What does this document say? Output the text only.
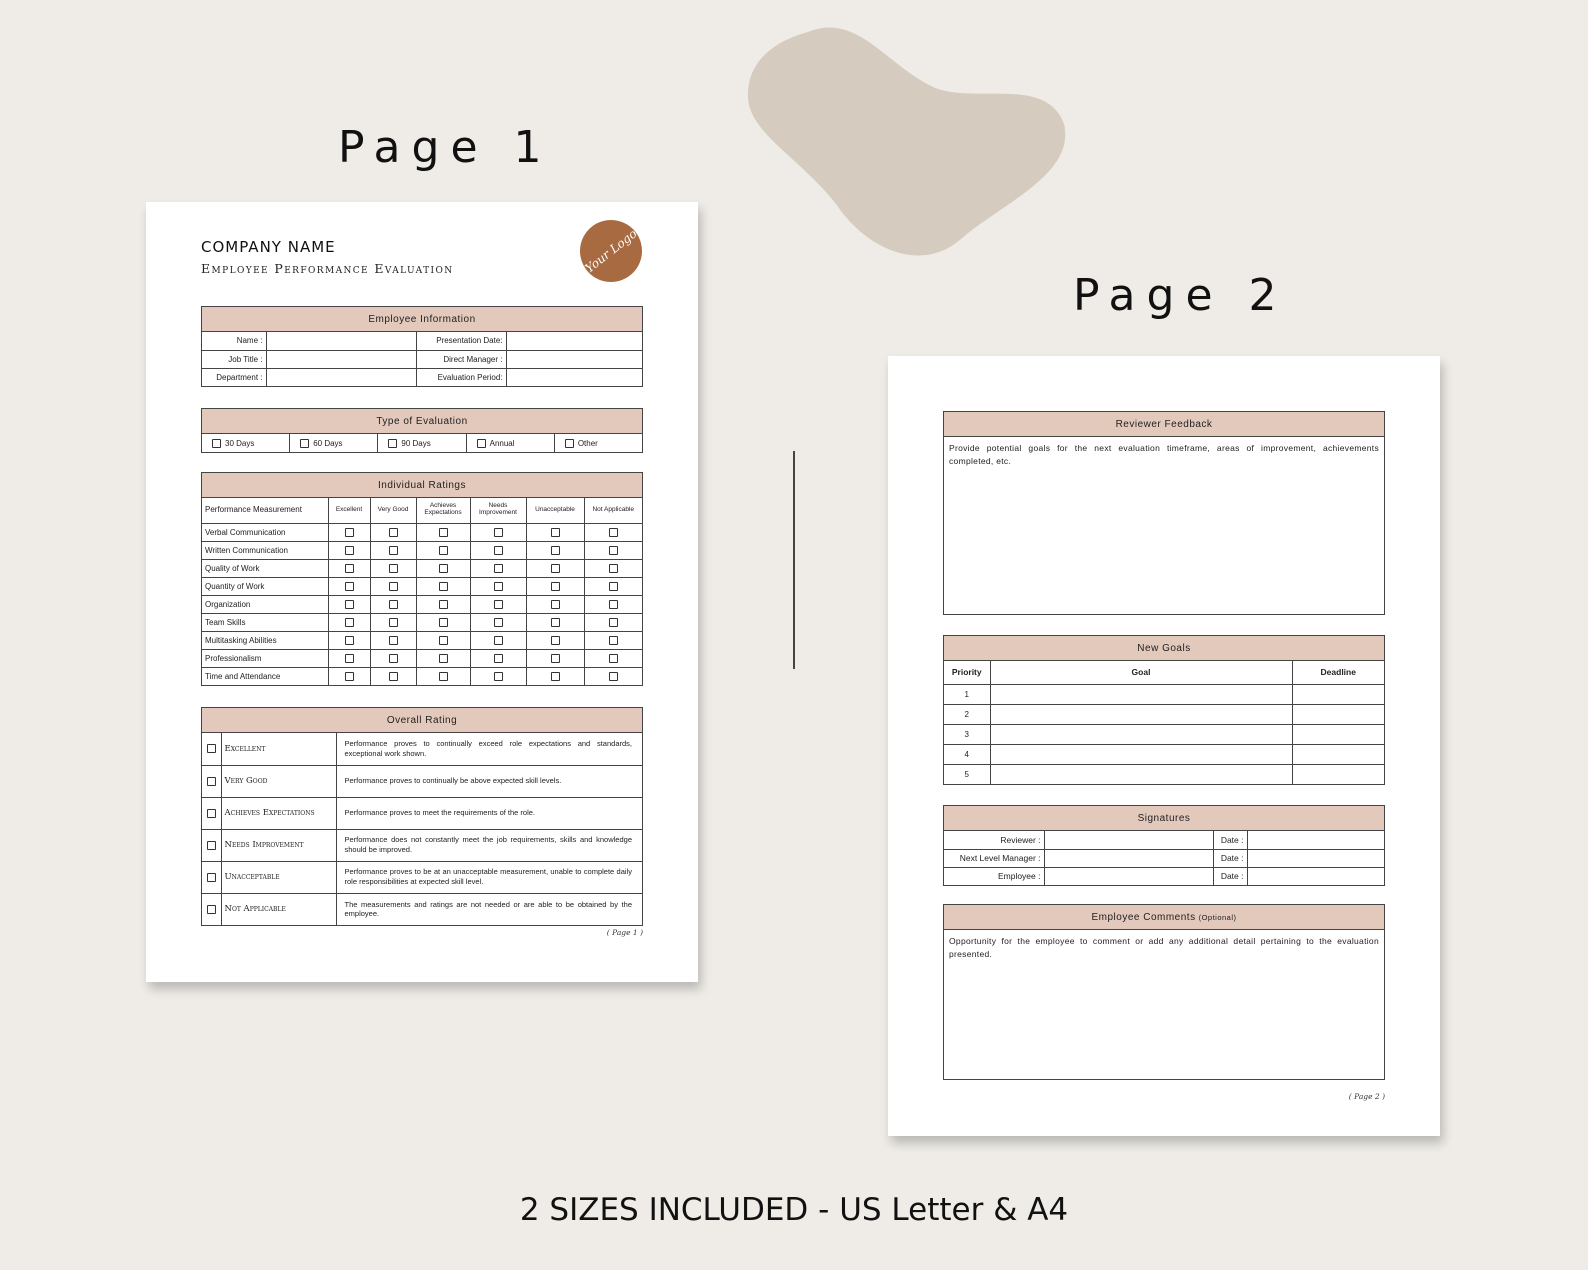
Page 1
Page 2
2 SIZES INCLUDED - US Letter & A4
COMPANY NAME
Employee Performance Evaluation	Your Logo
Employee Information
Name :		Presentation Date:	
Job Title :		Direct Manager :	
Department :		Evaluation Period:	
Type of Evaluation
30 Days	60 Days	90 Days	Annual	Other
Individual Ratings
Performance Measurement	Excellent	Very Good	Achieves Expectations	Needs Improvement	Unacceptable	Not Applicable
Verbal Communication						
Written Communication						
Quality of Work						
Quantity of Work						
Organization						
Team Skills						
Multitasking Abilities						
Professionalism						
Time and Attendance						
Overall Rating
	Excellent	Performance proves to continually exceed role expectations and standards, exceptional work shown.
	Very Good	Performance proves to continually be above expected skill levels.
	Achieves Expectations	Performance proves to meet the requirements of the role.
	Needs Improvement	Performance does not constantly meet the job requirements, skills and knowledge should be improved.
	Unacceptable	Performance proves to be at an unacceptable measurement, unable to complete daily role responsibilities at expected skill level.
	Not Applicable	The measurements and ratings are not needed or are able to be obtained by the employee.
( Page 1 )
Reviewer Feedback
Provide potential goals for the next evaluation timeframe, areas of improvement, achievements completed, etc.
New Goals
Priority	Goal	Deadline
1		
2		
3		
4		
5		
Signatures
Reviewer :		Date :	
Next Level Manager :		Date :	
Employee :		Date :	
Employee Comments (Optional)
Opportunity for the employee to comment or add any additional detail pertaining to the evaluation presented.
( Page 2 )
